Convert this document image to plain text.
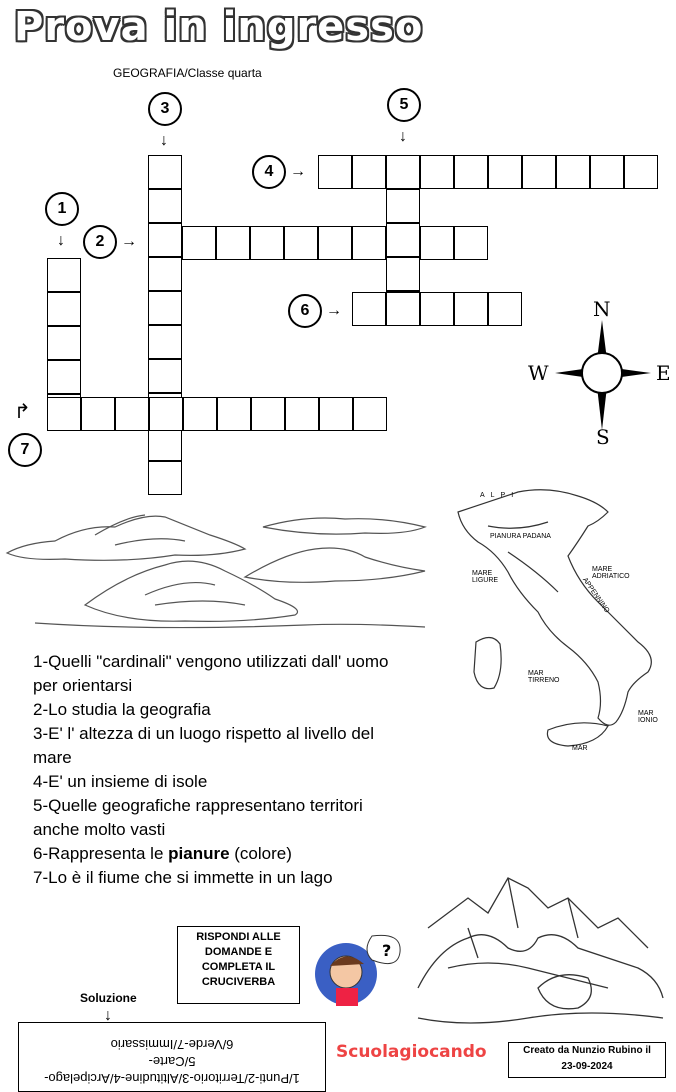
Prova in ingresso
GEOGRAFIA/Classe quarta
1
↓	2	→
3
↓
4	→
5
↓
6	→
7
↱
N
S
W	E
ALPI
PIANURA PADANA
MARE ADRIATICO
MARE LIGURE	APPENNINO
MAR TIRRENO
MAR IONIO
MAR
1-Quelli "cardinali" vengono utilizzati dall' uomo per orientarsi
2-Lo studia la geografia
3-E' l' altezza di un luogo rispetto al livello del mare
4-E' un insieme di isole
5-Quelle geografiche rappresentano territori anche molto vasti
6-Rappresenta le pianure (colore)
7-Lo è il fiume che si immette in un lago
RISPONDI ALLE DOMANDE E COMPLETA IL CRUCIVERBA
?
Soluzione
↓
1/Punti-2/Territorio-3/Altitudine-4/Arcipelago-
5/Carte-
6/Verde-7/Immissario	Scuolagiocando	Creato da Nunzio Rubino il
23-09-2024
